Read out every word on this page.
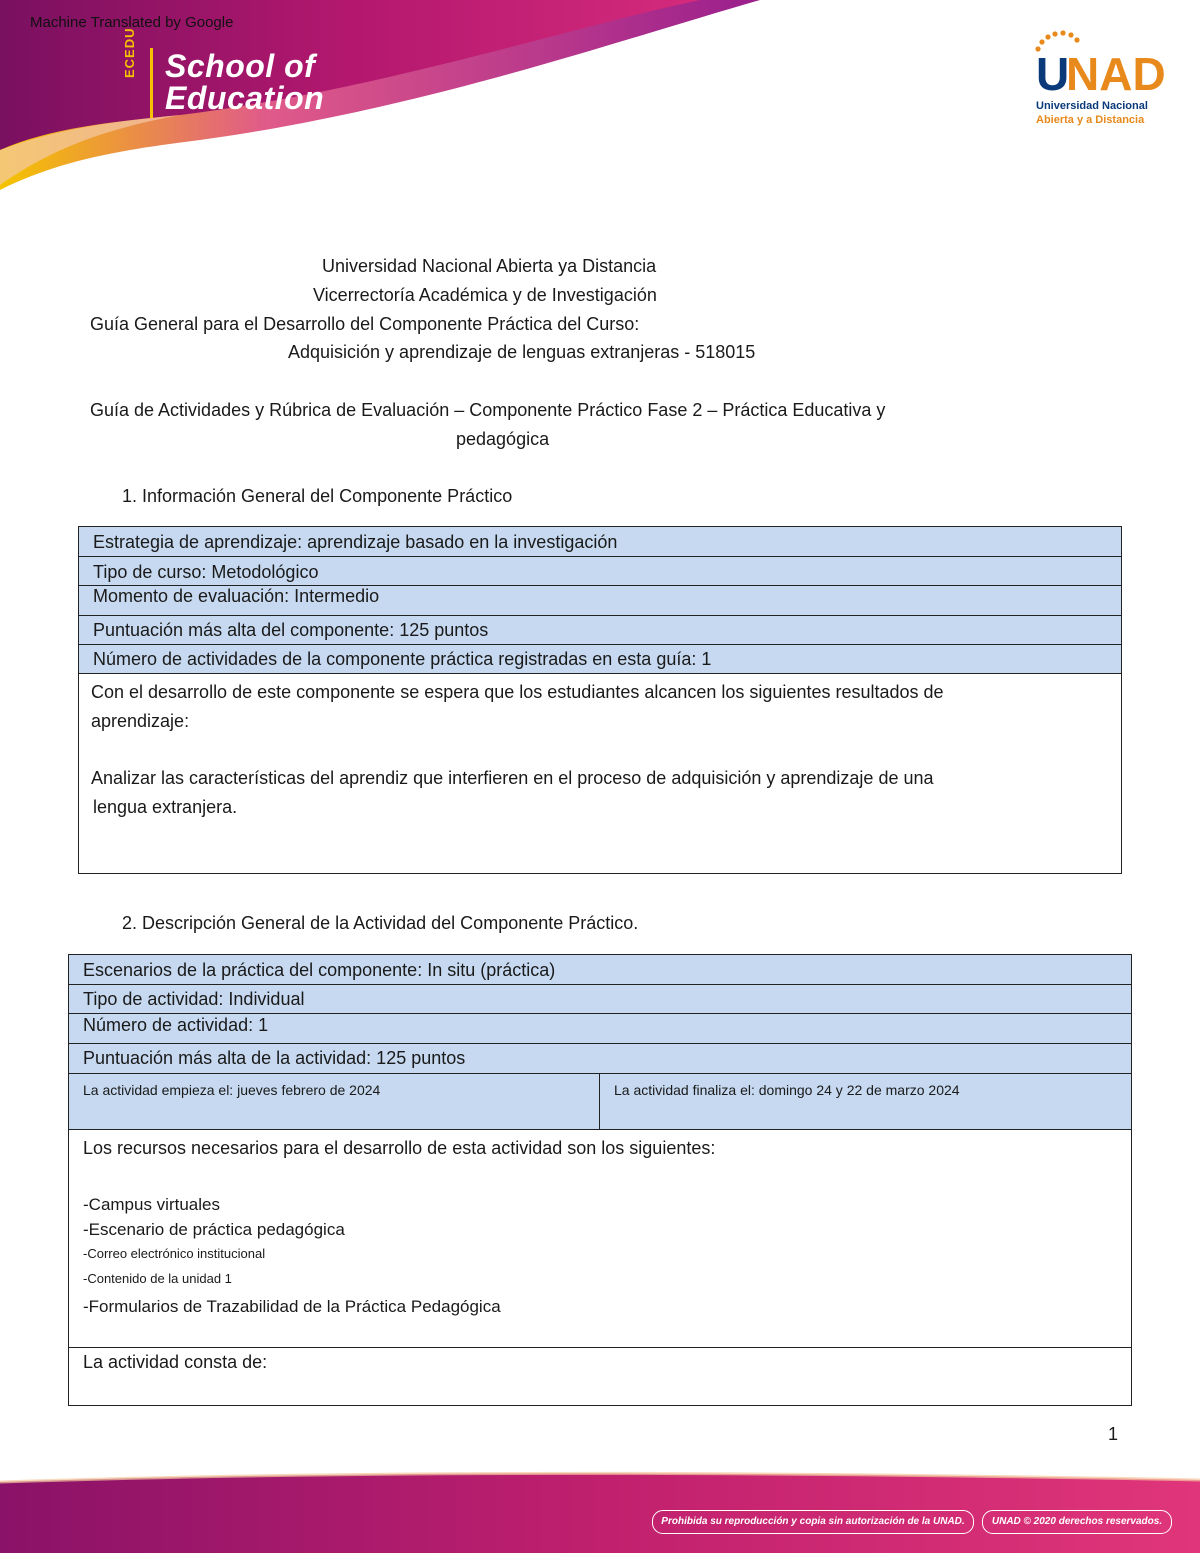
Machine Translated by Google
ECEDU School of
Education	U
NAD
Universidad Nacional
Abierta y a Distancia
Universidad Nacional Abierta ya Distancia
Vicerrectoría Académica y de Investigación
Guía General para el Desarrollo del Componente Práctica del Curso:
Adquisición y aprendizaje de lenguas extranjeras - 518015
Guía de Actividades y Rúbrica de Evaluación – Componente Práctico Fase 2 – Práctica Educativa y
pedagógica
1. Información General del Componente Práctico
Estrategia de aprendizaje: aprendizaje basado en la investigación
Tipo de curso: Metodológico
Momento de evaluación: Intermedio
Puntuación más alta del componente: 125 puntos
Número de actividades de la componente práctica registradas en esta guía: 1

Con el desarrollo de este componente se espera que los estudiantes alcancen los siguientes resultados de
aprendizaje:
Analizar las características del aprendiz que interfieren en el proceso de adquisición y aprendizaje de una
lengua extranjera.
2. Descripción General de la Actividad del Componente Práctico.
Escenarios de la práctica del componente: In situ (práctica)
Tipo de actividad: Individual
Número de actividad: 1
Puntuación más alta de la actividad: 125 puntos
La actividad empieza el: jueves febrero de 2024	La actividad finaliza el: domingo 24 y 22 de marzo 2024

Los recursos necesarios para el desarrollo de esta actividad son los siguientes:
-Campus virtuales
-Escenario de práctica pedagógica
-Correo electrónico institucional
-Contenido de la unidad 1
-Formularios de Trazabilidad de la Práctica Pedagógica

La actividad consta de:
1
Prohibida su reproducción y copia sin autorización de la UNAD.	UNAD © 2020 derechos reservados.
